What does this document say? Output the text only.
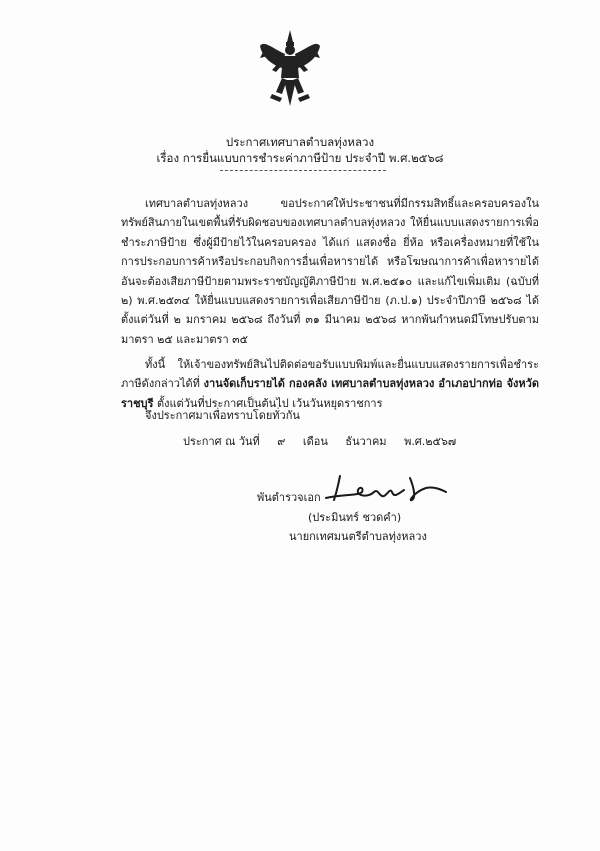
ประกาศเทศบาลตำบลทุ่งหลวง
เรื่อง การยื่นแบบการชำระค่าภาษีป้าย ประจำปี พ.ศ.๒๕๖๘
เทศบาลตำบลทุ่งหลวง ขอประกาศให้ประชาชนที่มีกรรมสิทธิ์และครอบครองในทรัพย์สินภายในเขตพื้นที่รับผิดชอบของเทศบาลตำบลทุ่งหลวง ให้ยื่นแบบแสดงรายการเพื่อชำระภาษีป้าย ซึ่งผู้มีป้ายไว้ในครอบครอง ได้แก่ แสดงชื่อ ยี่ห้อ หรือเครื่องหมายที่ใช้ในการประกอบการค้าหรือประกอบกิจการอื่นเพื่อหารายได้ หรือโฆษณาการค้าเพื่อหารายได้ อันจะต้องเสียภาษีป้ายตามพระราชบัญญัติภาษีป้าย พ.ศ.๒๕๑๐ และแก้ไขเพิ่มเติม (ฉบับที่ ๒) พ.ศ.๒๕๓๔ ให้ยื่นแบบแสดงรายการเพื่อเสียภาษีป้าย (ภ.ป.๑) ประจำปีภาษี ๒๕๖๘ ได้ตั้งแต่วันที่ ๒ มกราคม ๒๕๖๘ ถึงวันที่ ๓๑ มีนาคม ๒๕๖๘ หากพ้นกำหนดมีโทษปรับตามมาตรา ๒๕ และมาตรา ๓๕
ทั้งนี้ ให้เจ้าของทรัพย์สินไปติดต่อขอรับแบบพิมพ์และยื่นแบบแสดงรายการเพื่อชำระภาษีดังกล่าวได้ที่ งานจัดเก็บรายได้ กองคลัง เทศบาลตำบลทุ่งหลวง อำเภอปากท่อ จังหวัดราชบุรี ตั้งแต่วันที่ประกาศเป็นต้นไป เว้นวันหยุดราชการ
จึงประกาศมาเพื่อทราบโดยทั่วกัน
ประกาศ ณ วันที่ ๙ เดือน ธันวาคม พ.ศ.๒๕๖๗
พันตำรวจเอก
(ประมินทร์ ชวดคำ)
นายกเทศมนตรีตำบลทุ่งหลวง
